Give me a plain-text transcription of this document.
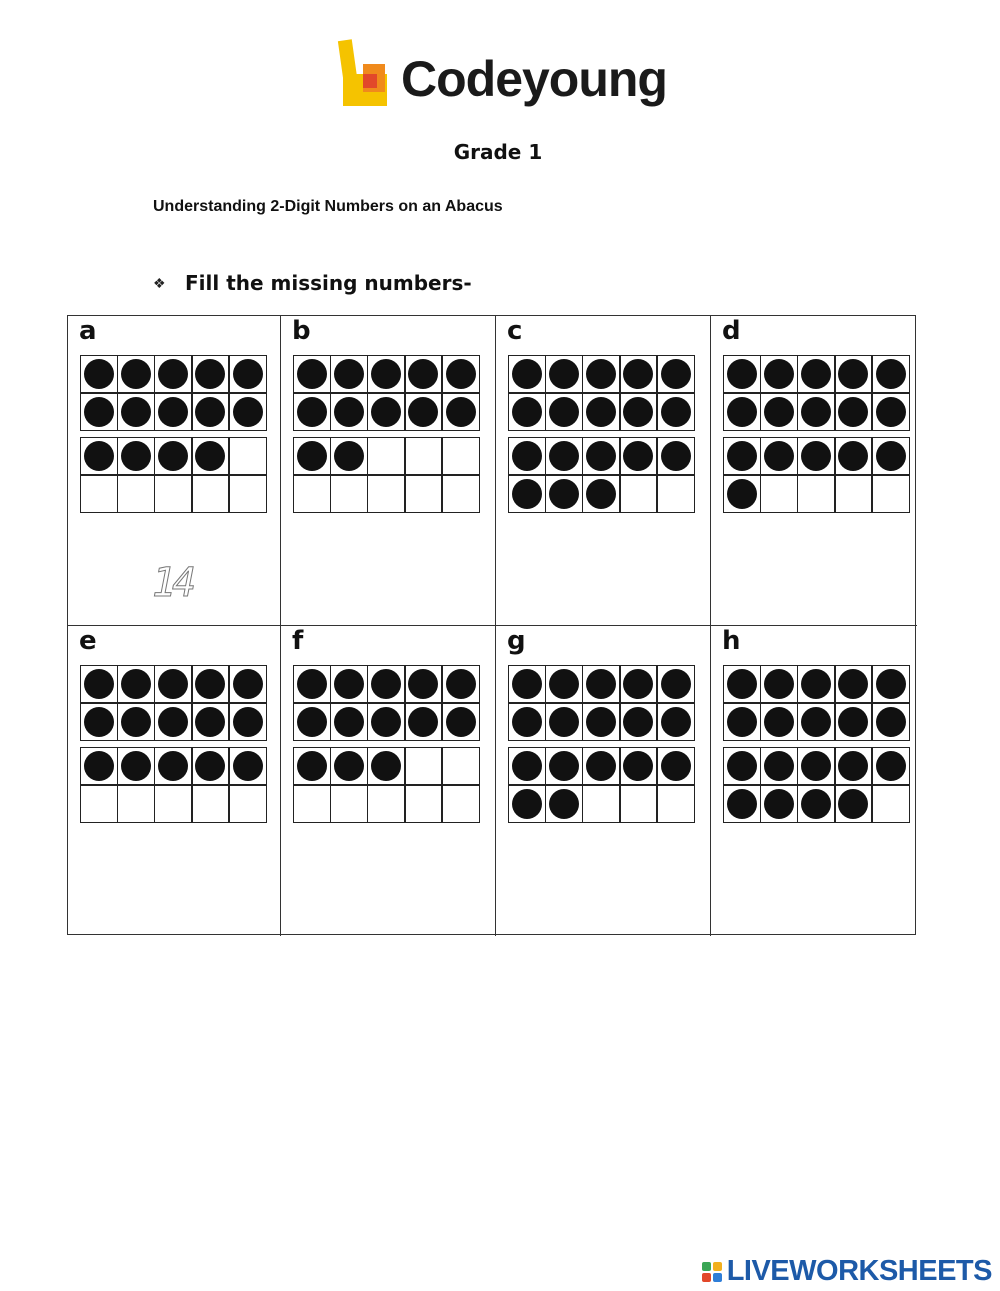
Codeyoung
Grade 1
Understanding 2-Digit Numbers on an Abacus
❖ Fill the missing numbers-
a
14
b	c	d
e	f	g	h
LIVEWORKSHEETS
